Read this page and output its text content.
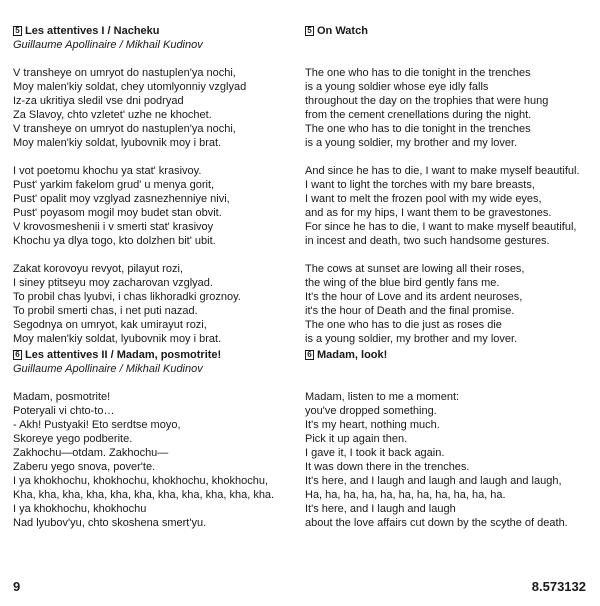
5 Les attentives I / Nacheku
Guillaume Apollinaire / Mikhail Kudinov
V transheye on umryot do nastuplen'ya nochi,
Moy malen'kiy soldat, chey utomlyonniy vzglyad
Iz-za ukritiya sledil vse dni podryad
Za Slavoy, chto vzletet' uzhe ne khochet.
V transheye on umryot do nastuplen'ya nochi,
Moy malen'kiy soldat, lyubovnik moy i brat.
I vot poetomu khochu ya stat' krasivoy.
Pust' yarkim fakelom grud' u menya gorit,
Pust' opalit moy vzglyad zasnezhenniye nivi,
Pust' poyasom mogil moy budet stan obvit.
V krovosmeshenii i v smerti stat' krasivoy
Khochu ya dlya togo, kto dolzhen bit' ubit.
Zakat korovoyu revyot, pilayut rozi,
I siney ptitseyu moy zacharovan vzglyad.
To probil chas lyubvi, i chas likhoradki groznoy.
To probil smerti chas, i net puti nazad.
Segodnya on umryot, kak umirayut rozi,
Moy malen'kiy soldat, lyubovnik moy i brat.
6 Les attentives II / Madam, posmotrite!
Guillaume Apollinaire / Mikhail Kudinov
Madam, posmotrite!
Poteryali vi chto-to…
- Akh! Pustyaki! Eto serdtse moyo,
Skoreye yego podberite.
Zakhochu—otdam. Zakhochu—
Zaberu yego snova, pover'te.
I ya khokhochu, khokhochu, khokhochu, khokhochu,
Kha, kha, kha, kha, kha, kha, kha, kha, kha, kha, kha.
I ya khokhochu, khokhochu
Nad lyubov'yu, chto skoshena smert'yu.
5 On Watch
The one who has to die tonight in the trenches
is a young soldier whose eye idly falls
throughout the day on the trophies that were hung
from the cement crenellations during the night.
The one who has to die tonight in the trenches
is a young soldier, my brother and my lover.
And since he has to die, I want to make myself beautiful.
I want to light the torches with my bare breasts,
I want to melt the frozen pool with my wide eyes,
and as for my hips, I want them to be gravestones.
For since he has to die, I want to make myself beautiful,
in incest and death, two such handsome gestures.
The cows at sunset are lowing all their roses,
the wing of the blue bird gently fans me.
It's the hour of Love and its ardent neuroses,
it's the hour of Death and the final promise.
The one who has to die just as roses die
is a young soldier, my brother and my lover.
6 Madam, look!
Madam, listen to me a moment:
you've dropped something.
It's my heart, nothing much.
Pick it up again then.
I gave it, I took it back again.
It was down there in the trenches.
It's here, and I laugh and laugh and laugh and laugh,
Ha, ha, ha, ha, ha, ha, ha, ha, ha, ha, ha.
It's here, and I laugh and laugh
about the love affairs cut down by the scythe of death.
9	8.573132
